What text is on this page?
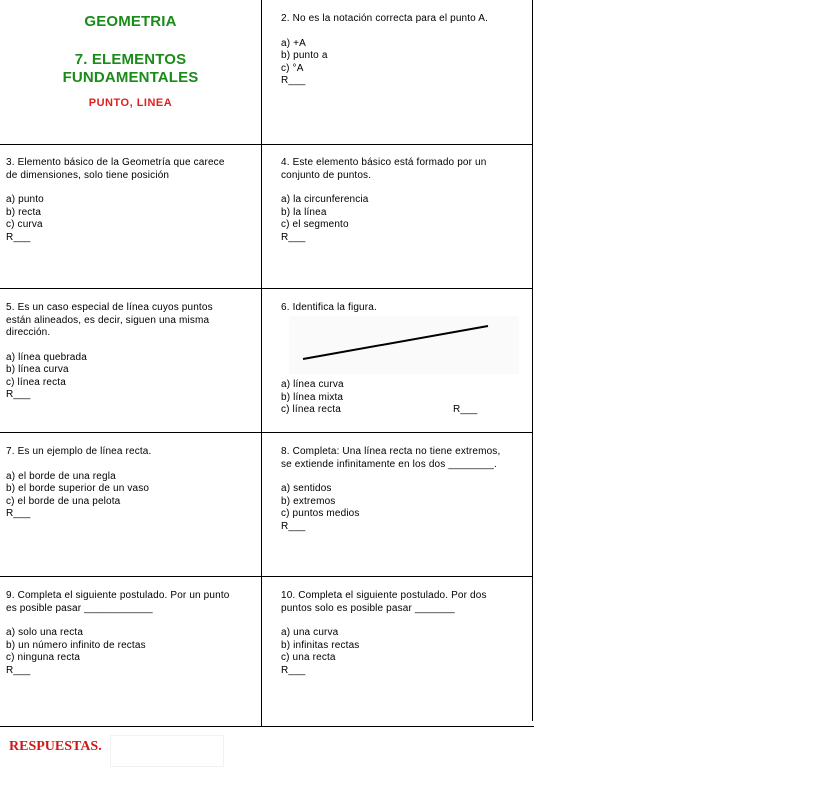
GEOMETRIA
7. ELEMENTOS
FUNDAMENTALES
PUNTO, LINEA

2. No es la notación correcta para el punto A.

a) +A

b) punto a

c) °A

R___

3. Elemento básico de la Geometría que carece

de dimensiones, solo tiene posición

a) punto

b) recta

c) curva

R___

4. Este elemento básico está formado por un

conjunto de puntos.

a) la circunferencia

b) la línea

c) el segmento

R___

5. Es un caso especial de línea cuyos puntos

están alineados, es decir, siguen una misma

dirección.

a) línea quebrada

b) línea curva

c) línea recta

R___

6. Identifica la figura.

a) línea curva

b) línea mixta

c) línea recta	R___

7. Es un ejemplo de línea recta.

a) el borde de una regla

b) el borde superior de un vaso

c) el borde de una pelota

R___

8. Completa: Una línea recta no tiene extremos,

se extiende infinitamente en los dos ________.

a) sentidos

b) extremos

c) puntos medios

R___

9. Completa el siguiente postulado. Por un punto

es posible pasar ____________

a) solo una recta

b) un número infinito de rectas

c) ninguna recta

R___

10. Completa el siguiente postulado. Por dos

puntos solo es posible pasar _______

a) una curva

b) infinitas rectas

c) una recta

R___

RESPUESTAS.
